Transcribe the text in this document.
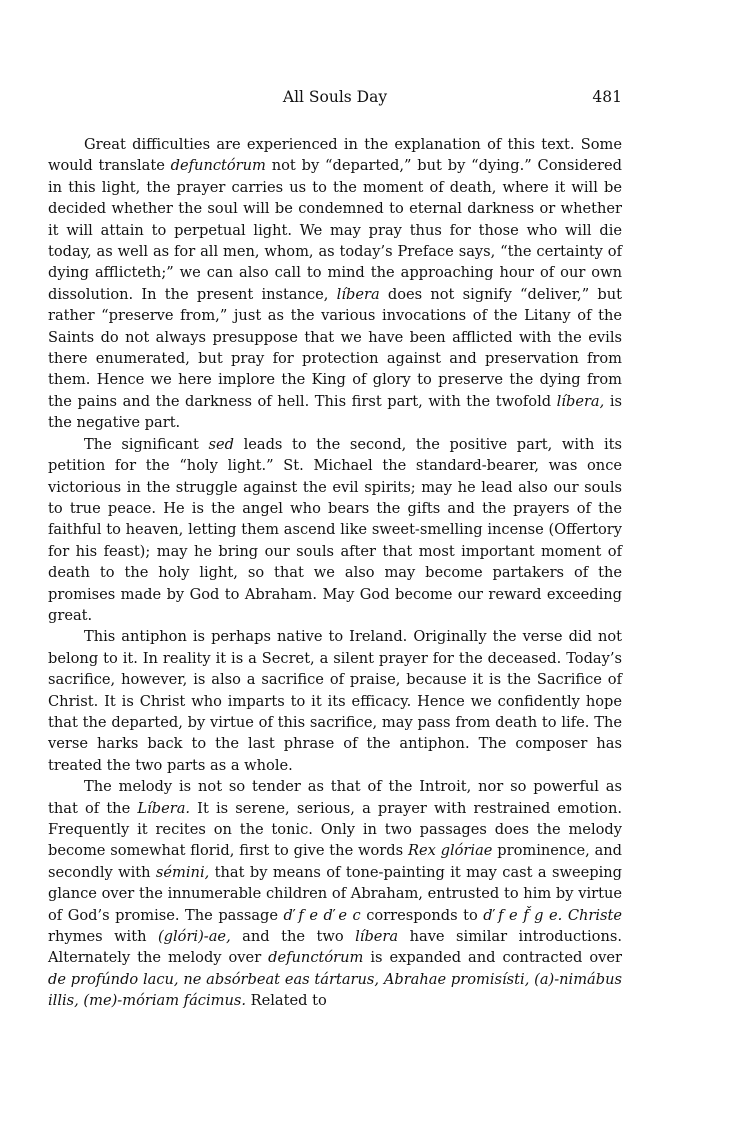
All Souls Day	481

Great difficulties are experienced in the explanation of this text. Some would translate defunctórum not by “departed,” but by “dying.” Considered in this light, the prayer carries us to the moment of death, where it will be decided whether the soul will be condemned to eternal darkness or whether it will attain to perpetual light. We may pray thus for those who will die today, as well as for all men, whom, as today’s Preface says, “the certainty of dying afflicteth;” we can also call to mind the approaching hour of our own dissolution. In the present instance, líbera does not signify “deliver,” but rather “preserve from,” just as the various invocations of the Litany of the Saints do not always presuppose that we have been afflicted with the evils there enumerated, but pray for protection against and preservation from them. Hence we here implore the King of glory to preserve the dying from the pains and the darkness of hell. This first part, with the twofold líbera, is the negative part.

The significant sed leads to the second, the positive part, with its petition for the “holy light.” St. Michael the standard-bearer, was once victorious in the struggle against the evil spirits; may he lead also our souls to true peace. He is the angel who bears the gifts and the prayers of the faithful to heaven, letting them ascend like sweet-smelling incense (Offertory for his feast); may he bring our souls after that most important moment of death to the holy light, so that we also may become partakers of the promises made by God to Abraham. May God become our reward exceeding great.

This antiphon is perhaps native to Ireland. Originally the verse did not belong to it. In reality it is a Secret, a silent prayer for the deceased. Today’s sacrifice, however, is also a sacrifice of praise, because it is the Sacrifice of Christ. It is Christ who imparts to it its efficacy. Hence we confidently hope that the departed, by virtue of this sacrifice, may pass from death to life. The verse harks back to the last phrase of the antiphon. The composer has treated the two parts as a whole.

The melody is not so tender as that of the Introit, nor so powerful as that of the Líbera. It is serene, serious, a prayer with restrained emotion. Frequently it recites on the tonic. Only in two passages does the melody become somewhat florid, first to give the words Rex glóriae prominence, and secondly with sémini, that by means of tone-painting it may cast a sweeping glance over the innumerable children of Abraham, entrusted to him by virtue of God’s promise. The passage ď f e ď e c corresponds to ď f e f̌ g e. Christe rhymes with (glóri)-ae, and the two líbera have similar introductions. Alternately the melody over defunctórum is expanded and contracted over de profúndo lacu, ne absórbeat eas tártarus, Abrahae promisísti, (a)-nimábus illis, (me)-móriam fácimus. Related to
